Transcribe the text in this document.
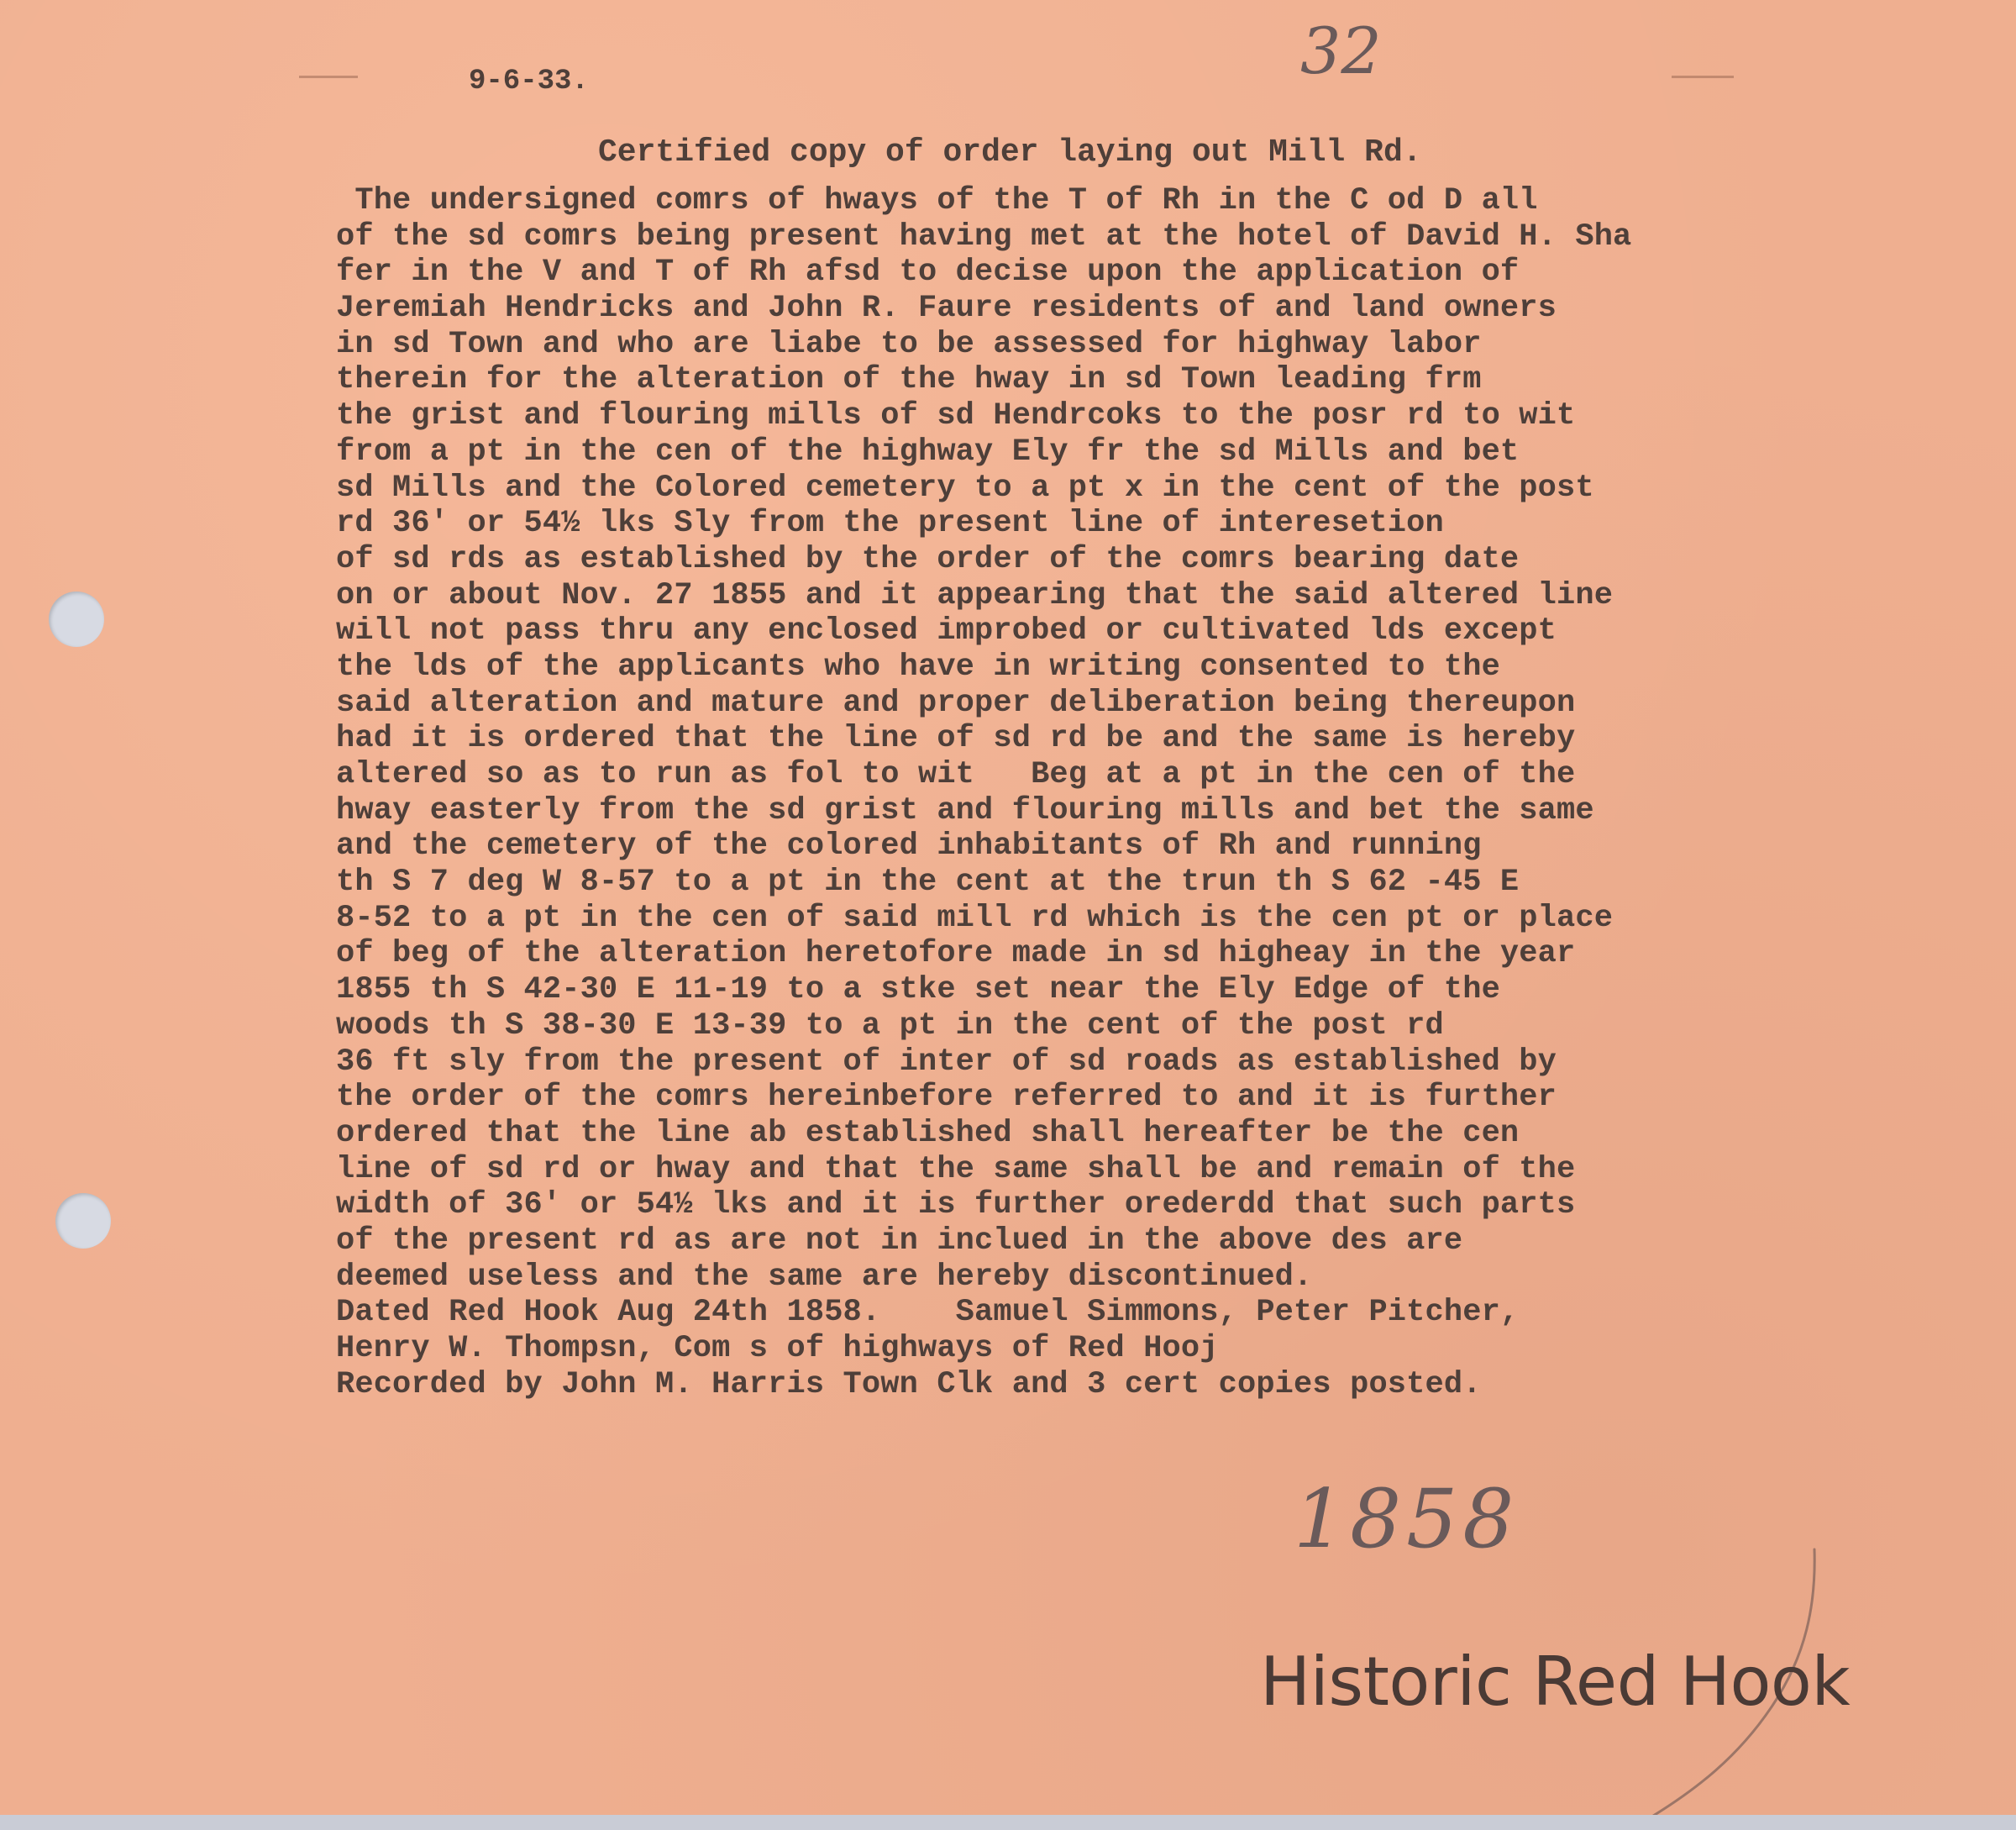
32
9-6-33.
Certified copy of order laying out Mill Rd.
The undersigned comrs of hways of the T of Rh in the C od D all
of the sd comrs being present having met at the hotel of David H. Sha
fer in the V and T of Rh afsd to decise upon the application of
Jeremiah Hendricks and John R. Faure residents of and land owners
in sd Town and who are liabe to be assessed for highway labor
therein for the alteration of the hway in sd Town leading frm
the grist and flouring mills of sd Hendrcoks to the posr rd to wit
from a pt in the cen of the highway Ely fr the sd Mills and bet
sd Mills and the Colored cemetery to a pt x in the cent of the post
rd 36' or 54½ lks Sly from the present line of interesetion
of sd rds as established by the order of the comrs bearing date
on or about Nov. 27 1855 and it appearing that the said altered line
will not pass thru any enclosed improbed or cultivated lds except
the lds of the applicants who have in writing consented to the
said alteration and mature and proper deliberation being thereupon
had it is ordered that the line of sd rd be and the same is hereby
altered so as to run as fol to wit   Beg at a pt in the cen of the
hway easterly from the sd grist and flouring mills and bet the same
and the cemetery of the colored inhabitants of Rh and running
th S 7 deg W 8-57 to a pt in the cent at the trun th S 62 -45 E
8-52 to a pt in the cen of said mill rd which is the cen pt or place
of beg of the alteration heretofore made in sd higheay in the year
1855 th S 42-30 E 11-19 to a stke set near the Ely Edge of the
woods th S 38-30 E 13-39 to a pt in the cent of the post rd
36 ft sly from the present of inter of sd roads as established by
the order of the comrs hereinbefore referred to and it is further
ordered that the line ab established shall hereafter be the cen
line of sd rd or hway and that the same shall be and remain of the
width of 36' or 54½ lks and it is further orederdd that such parts
of the present rd as are not in inclued in the above des are
deemed useless and the same are hereby discontinued.
Dated Red Hook Aug 24th 1858.    Samuel Simmons, Peter Pitcher,
Henry W. Thompsn, Com s of highways of Red Hooj
Recorded by John M. Harris Town Clk and 3 cert copies posted.
1858
Historic Red Hook
